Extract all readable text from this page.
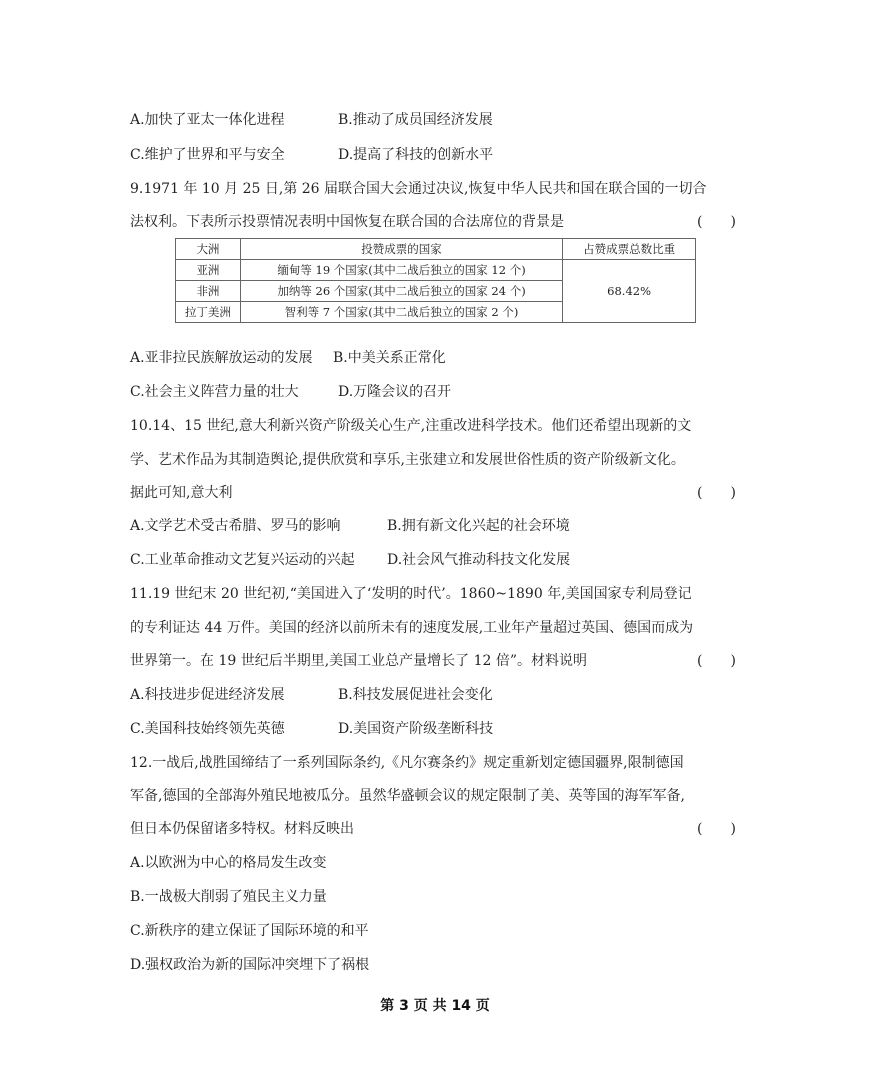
A.加快了亚太一体化进程	B.推动了成员国经济发展
C.维护了世界和平与安全	D.提高了科技的创新水平
9.1971 年 10 月 25 日,第 26 届联合国大会通过决议,恢复中华人民共和国在联合国的一切合
法权利。下表所示投票情况表明中国恢复在联合国的合法席位的背景是	(　　)
大洲	投赞成票的国家	占赞成票总数比重
亚洲	缅甸等 19 个国家(其中二战后独立的国家 12 个)	68.42%
非洲	加纳等 26 个国家(其中二战后独立的国家 24 个)	
拉丁美洲	智利等 7 个国家(其中二战后独立的国家 2 个)	
A.亚非拉民族解放运动的发展 B.中美关系正常化
C.社会主义阵营力量的壮大	D.万隆会议的召开
10.14、15 世纪,意大利新兴资产阶级关心生产,注重改进科学技术。他们还希望出现新的文
学、艺术作品为其制造舆论,提供欣赏和享乐,主张建立和发展世俗性质的资产阶级新文化。
据此可知,意大利	(　　)
A.文学艺术受古希腊、罗马的影响	B.拥有新文化兴起的社会环境
C.工业革命推动文艺复兴运动的兴起 D.社会风气推动科技文化发展
11.19 世纪末 20 世纪初,“美国进入了‘发明的时代’。1860~1890 年,美国国家专利局登记
的专利证达 44 万件。美国的经济以前所未有的速度发展,工业年产量超过英国、德国而成为
世界第一。在 19 世纪后半期里,美国工业总产量增长了 12 倍”。材料说明	(　　)
A.科技进步促进经济发展	B.科技发展促进社会变化
C.美国科技始终领先英德	D.美国资产阶级垄断科技
12.一战后,战胜国缔结了一系列国际条约,《凡尔赛条约》规定重新划定德国疆界,限制德国
军备,德国的全部海外殖民地被瓜分。虽然华盛顿会议的规定限制了美、英等国的海军军备,
但日本仍保留诸多特权。材料反映出	(　　)
A.以欧洲为中心的格局发生改变
B.一战极大削弱了殖民主义力量
C.新秩序的建立保证了国际环境的和平
D.强权政治为新的国际冲突埋下了祸根
第 3 页 共 14 页
